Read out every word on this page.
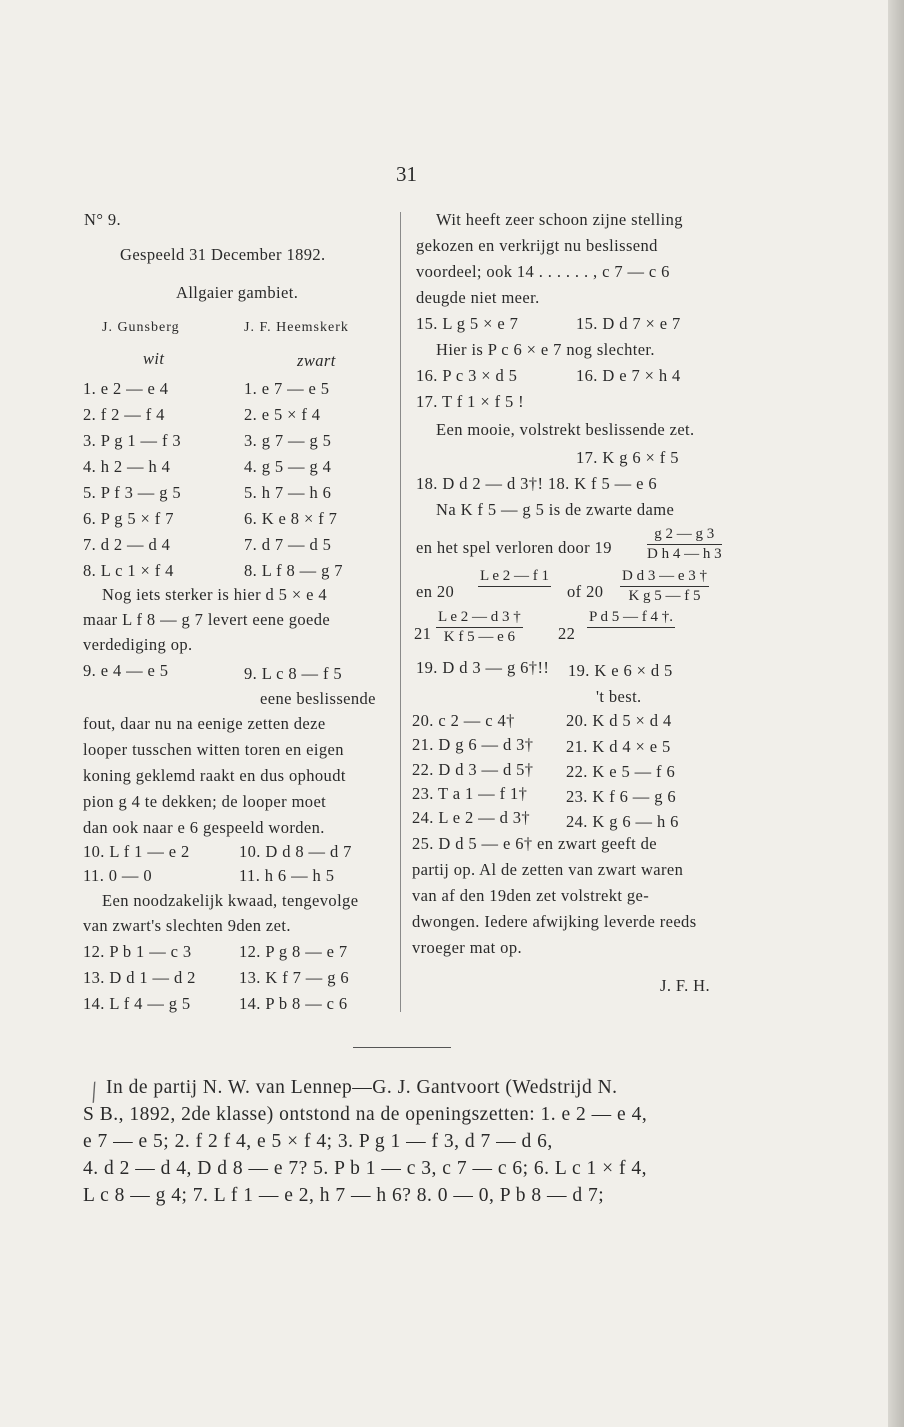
31
N° 9.
Gespeeld 31 December 1892.
Allgaier gambiet.
J. Gunsberg	J. F. Heemskerk
wit	zwart
1. e 2 — e 4	1. e 7 — e 5
2. f 2 — f 4	2. e 5 × f 4
3. P g 1 — f 3	3. g 7 — g 5
4. h 2 — h 4	4. g 5 — g 4
5. P f 3 — g 5	5. h 7 — h 6
6. P g 5 × f 7	6. K e 8 × f 7
7. d 2 — d 4	7. d 7 — d 5
8. L c 1 × f 4	8. L f 8 — g 7
Nog iets sterker is hier d 5 × e 4
maar L f 8 — g 7 levert eene goede
verdediging op.
9. e 4 — e 5	9. L c 8 — f 5
eene beslissende
fout, daar nu na eenige zetten deze
looper tusschen witten toren en eigen
koning geklemd raakt en dus ophoudt
pion g 4 te dekken; de looper moet
dan ook naar e 6 gespeeld worden.
10. L f 1 — e 2	10. D d 8 — d 7
11. 0 — 0	11. h 6 — h 5
Een noodzakelijk kwaad, tengevolge
van zwart's slechten 9den zet.
12. P b 1 — c 3	12. P g 8 — e 7
13. D d 1 — d 2	13. K f 7 — g 6
14. L f 4 — g 5	14. P b 8 — c 6
Wit heeft zeer schoon zijne stelling
gekozen en verkrijgt nu beslissend
voordeel; ook 14 . . . . . . , c 7 — c 6
deugde niet meer.
15. L g 5 × e 7	15. D d 7 × e 7
Hier is P c 6 × e 7 nog slechter.
16. P c 3 × d 5	16. D e 7 × h 4
17. T f 1 × f 5 !
Een mooie, volstrekt beslissende zet.
17. K g 6 × f 5
18. D d 2 — d 3†! 18. K f 5 — e 6
Na K f 5 — g 5 is de zwarte dame
en het spel verloren door $19 \frac{g 2 — g 3}{\text{D h 4 — h 3}}$
en 20
L e 2 — f 1
of $20 \frac{\text{D d 3 — e 3 †}}{\text{K g 5 — f 5}}$
$21 \frac{\text{L e 2 — d 3 †}}{\text{K f 5 — e 6}} 22$
P d 5 — f 4 †.
19. D d 3 — g 6†!! 19. K e 6 × d 5
't best.
20. c 2 — c 4†	20. K d 5 × d 4
21. D g 6 — d 3† 21. K d 4 × e 5
22. D d 3 — d 5† 22. K e 5 — f 6
23. T a 1 — f 1† 23. K f 6 — g 6
24. L e 2 — d 3† 24. K g 6 — h 6
25. D d 5 — e 6† en zwart geeft de
partij op. Al de zetten van zwart waren
van af den 19den zet volstrekt ge-
dwongen. Iedere afwijking leverde reeds
vroeger mat op.
J. F. H.
/ In de partij N. W. van Lennep—G. J. Gantvoort (Wedstrijd N.
S B., 1892, 2de klasse) ontstond na de openingszetten: 1. e 2 — e 4,
e 7 — e 5; 2. f 2 f 4, e 5 × f 4; 3. P g 1 — f 3, d 7 — d 6,
4. d 2 — d 4, D d 8 — e 7? 5. P b 1 — c 3, c 7 — c 6; 6. L c 1 × f 4,
L c 8 — g 4; 7. L f 1 — e 2, h 7 — h 6? 8. 0 — 0, P b 8 — d 7;
